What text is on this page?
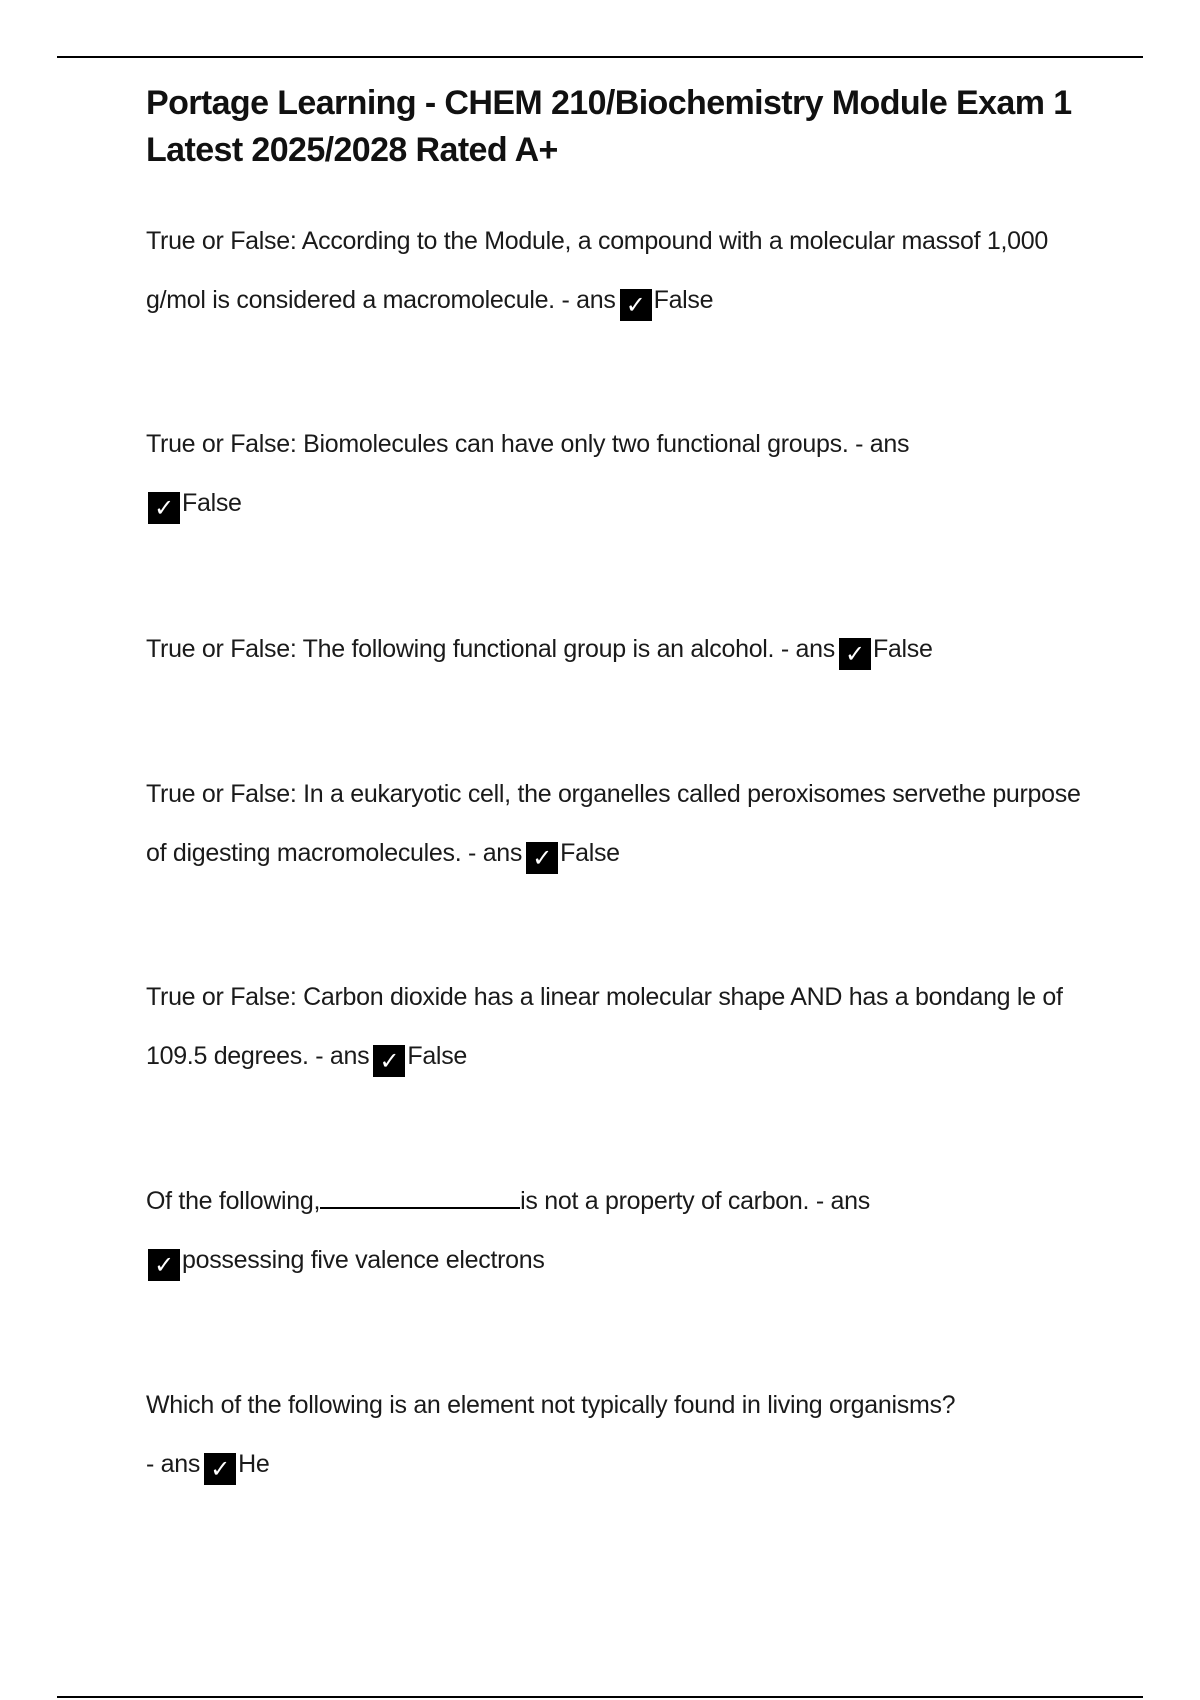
Portage Learning - CHEM 210/Biochemistry Module Exam 1 Latest 2025/2028 Rated A+
True or False: According to the Module, a compound with a molecular massof 1,000 g/mol is considered a macromolecule. - ans ✓ False
True or False: Biomolecules can have only two functional groups. - ans
✓ False
True or False: The following functional group is an alcohol. - ans ✓ False
True or False: In a eukaryotic cell, the organelles called peroxisomes servethe purpose of digesting macromolecules. - ans ✓ False
True or False: Carbon dioxide has a linear molecular shape AND has a bondang le of 109.5 degrees. - ans ✓ False
Of the following,	is not a property of carbon. - ans
✓ possessing five valence electrons
Which of the following is an element not typically found in living organisms?
- ans ✓ He
